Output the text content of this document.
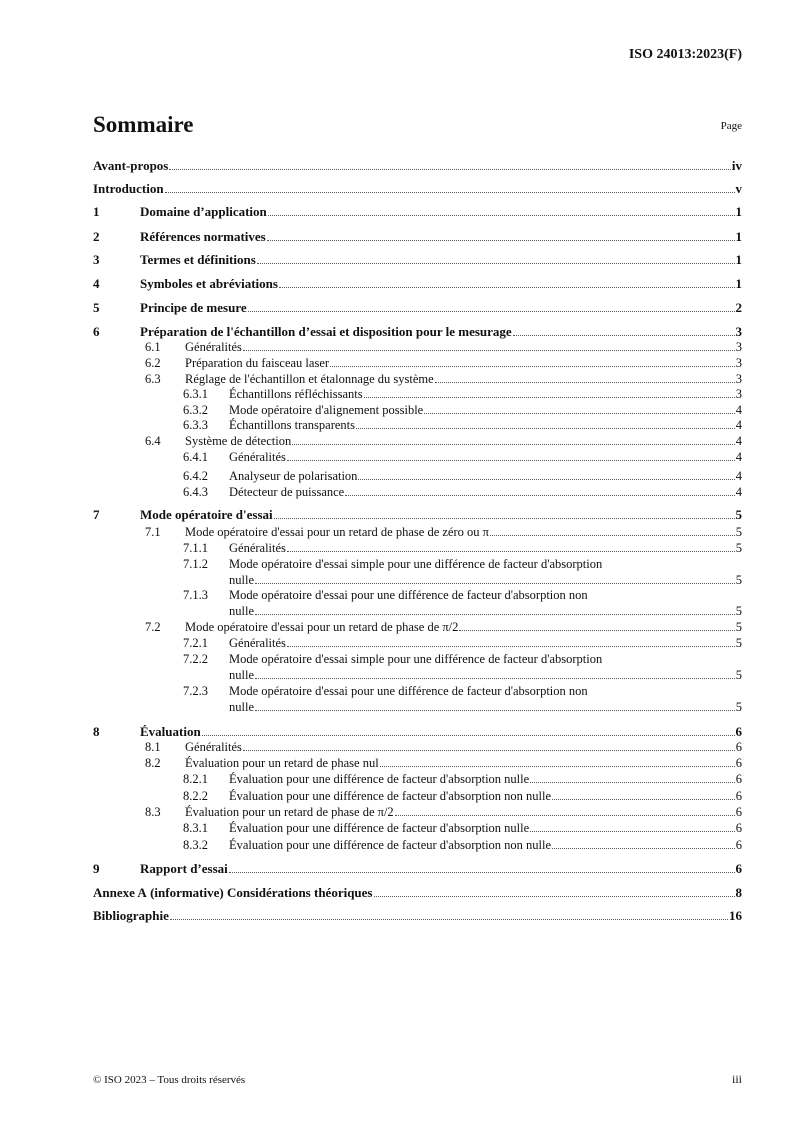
ISO 24013:2023(F)
Sommaire	Page
Avant-propos	iv
Introduction	v
1	Domaine d’application	1
2	Références normatives	1
3	Termes et définitions	1
4	Symboles et abréviations	1
5	Principe de mesure	2
6	Préparation de l'échantillon d’essai et disposition pour le mesurage	3
6.1 Généralités	3
6.2 Préparation du faisceau laser	3
6.3 Réglage de l'échantillon et étalonnage du système	3
6.3.1 Échantillons réfléchissants	3
6.3.2 Mode opératoire d'alignement possible	4
6.3.3 Échantillons transparents	4
6.4 Système de détection	4
6.4.1 Généralités	4
6.4.2 Analyseur de polarisation	4
6.4.3 Détecteur de puissance	4
7	Mode opératoire d'essai	5
7.1 Mode opératoire d'essai pour un retard de phase de zéro ou π	5
7.1.1 Généralités	5
7.1.2 Mode opératoire d'essai simple pour une différence de facteur d'absorption
nulle	5
7.1.3 Mode opératoire d'essai pour une différence de facteur d'absorption non
nulle	5
7.2 Mode opératoire d'essai pour un retard de phase de π/2	5
7.2.1 Généralités	5
7.2.2 Mode opératoire d'essai simple pour une différence de facteur d'absorption
nulle	5
7.2.3 Mode opératoire d'essai pour une différence de facteur d'absorption non
nulle	5
8	Évaluation	6
8.1 Généralités	6
8.2 Évaluation pour un retard de phase nul	6
8.2.1 Évaluation pour une différence de facteur d'absorption nulle	6
8.2.2 Évaluation pour une différence de facteur d'absorption non nulle	6
8.3 Évaluation pour un retard de phase de π/2	6
8.3.1 Évaluation pour une différence de facteur d'absorption nulle	6
8.3.2 Évaluation pour une différence de facteur d'absorption non nulle	6
9	Rapport d’essai	6
Annexe A (informative) Considérations théoriques	8
Bibliographie	16
© ISO 2023 – Tous droits réservés	iii
